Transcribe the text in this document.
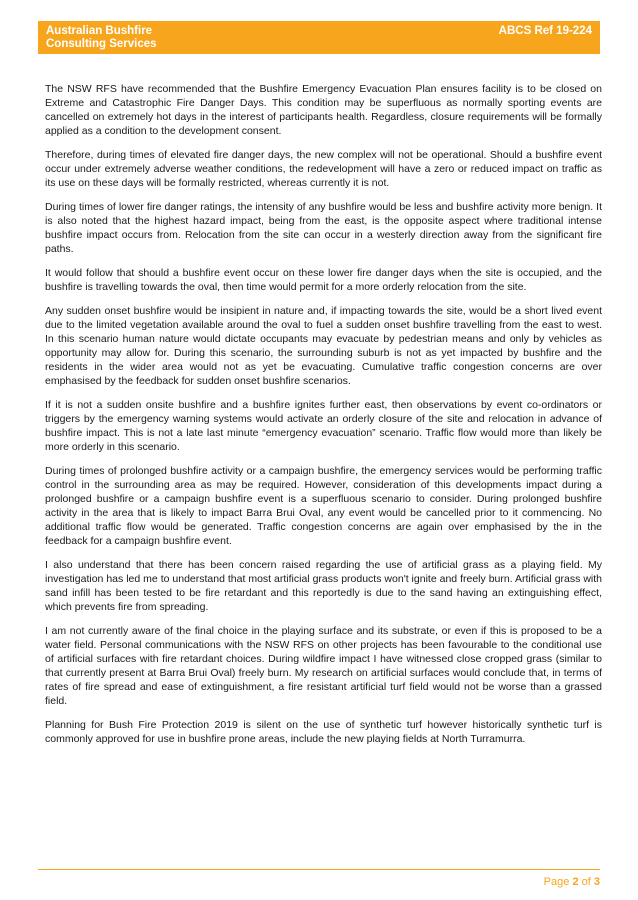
Australian Bushfire
Consulting Services
ABCS Ref 19-224

The NSW RFS have recommended that the Bushfire Emergency Evacuation Plan ensures facility is to be closed on Extreme and Catastrophic Fire Danger Days. This condition may be superfluous as normally sporting events are cancelled on extremely hot days in the interest of participants health. Regardless, closure requirements will be formally applied as a condition to the development consent.

Therefore, during times of elevated fire danger days, the new complex will not be operational. Should a bushfire event occur under extremely adverse weather conditions, the redevelopment will have a zero or reduced impact on traffic as its use on these days will be formally restricted, whereas currently it is not.

During times of lower fire danger ratings, the intensity of any bushfire would be less and bushfire activity more benign. It is also noted that the highest hazard impact, being from the east, is the opposite aspect where traditional intense bushfire impact occurs from. Relocation from the site can occur in a westerly direction away from the significant fire paths.

It would follow that should a bushfire event occur on these lower fire danger days when the site is occupied, and the bushfire is travelling towards the oval, then time would permit for a more orderly relocation from the site.

Any sudden onset bushfire would be insipient in nature and, if impacting towards the site, would be a short lived event due to the limited vegetation available around the oval to fuel a sudden onset bushfire travelling from the east to west. In this scenario human nature would dictate occupants may evacuate by pedestrian means and only by vehicles as opportunity may allow for. During this scenario, the surrounding suburb is not as yet impacted by bushfire and the residents in the wider area would not as yet be evacuating. Cumulative traffic congestion concerns are over emphasised by the feedback for sudden onset bushfire scenarios.

If it is not a sudden onsite bushfire and a bushfire ignites further east, then observations by event co-ordinators or triggers by the emergency warning systems would activate an orderly closure of the site and relocation in advance of bushfire impact. This is not a late last minute “emergency evacuation” scenario. Traffic flow would more than likely be more orderly in this scenario.

During times of prolonged bushfire activity or a campaign bushfire, the emergency services would be performing traffic control in the surrounding area as may be required. However, consideration of this developments impact during a prolonged bushfire or a campaign bushfire event is a superfluous scenario to consider. During prolonged bushfire activity in the area that is likely to impact Barra Brui Oval, any event would be cancelled prior to it commencing. No additional traffic flow would be generated. Traffic congestion concerns are again over emphasised by the in the feedback for a campaign bushfire event.

I also understand that there has been concern raised regarding the use of artificial grass as a playing field. My investigation has led me to understand that most artificial grass products won't ignite and freely burn. Artificial grass with sand infill has been tested to be fire retardant and this reportedly is due to the sand having an extinguishing effect, which prevents fire from spreading.

I am not currently aware of the final choice in the playing surface and its substrate, or even if this is proposed to be a water field. Personal communications with the NSW RFS on other projects has been favourable to the conditional use of artificial surfaces with fire retardant choices. During wildfire impact I have witnessed close cropped grass (similar to that currently present at Barra Brui Oval) freely burn. My research on artificial surfaces would conclude that, in terms of rates of fire spread and ease of extinguishment, a fire resistant artificial turf field would not be worse than a grassed field.

Planning for Bush Fire Protection 2019 is silent on the use of synthetic turf however historically synthetic turf is commonly approved for use in bushfire prone areas, include the new playing fields at North Turramurra.

Page 2 of 3
